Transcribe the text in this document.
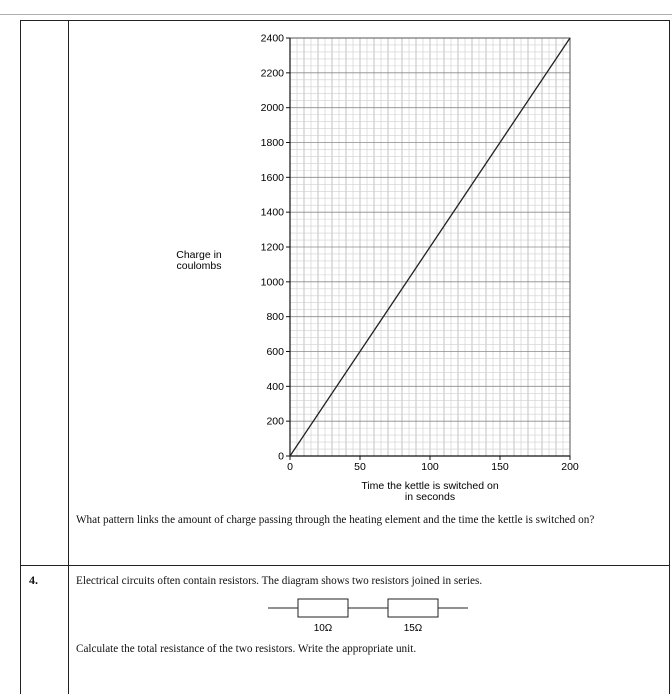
0
200
400
600
800
1000
1200
1400
1600
1800
2000
2200
2400
0	50	100	150	200
Charge in
coulombs
Time the kettle is switched on
in seconds
What pattern links the amount of charge passing through the heating element and the time the kettle is switched on?
4.	Electrical circuits often contain resistors. The diagram shows two resistors joined in series.
10Ω	15Ω
Calculate the total resistance of the two resistors. Write the appropriate unit.
